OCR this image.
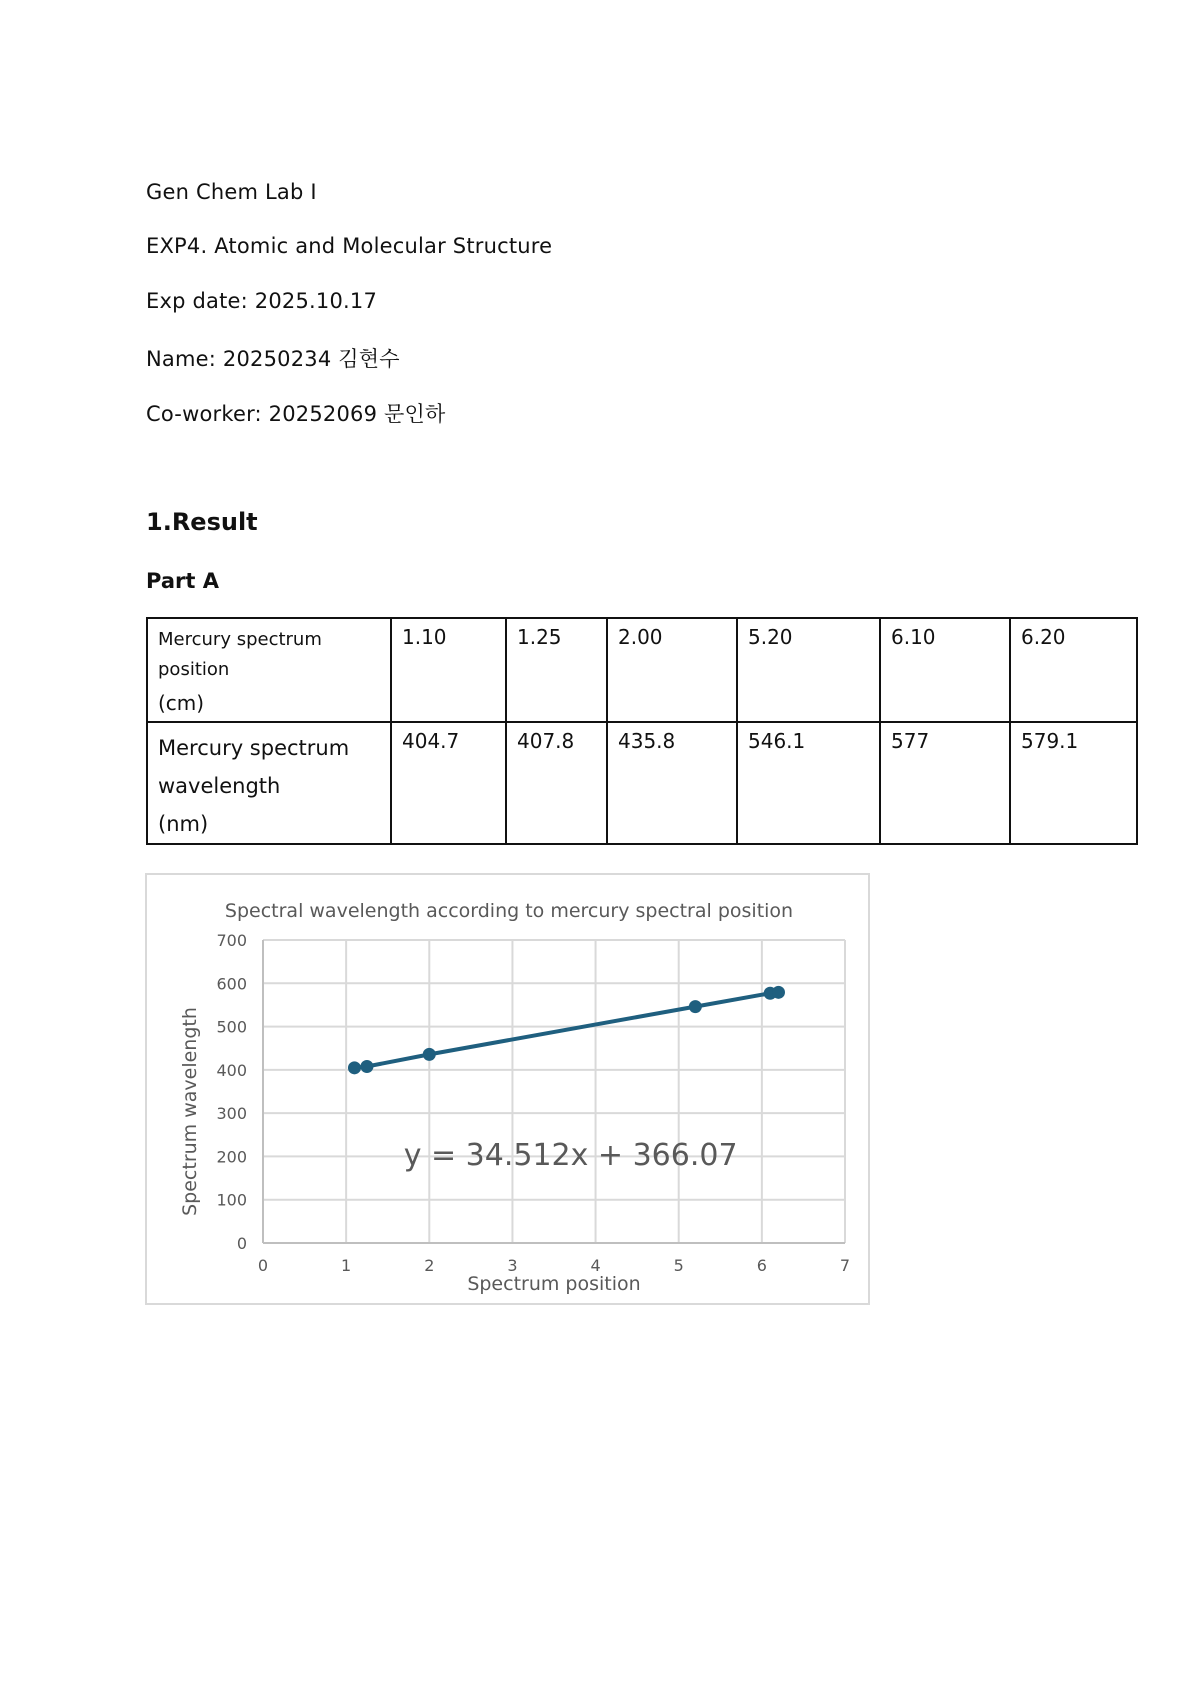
Gen Chem Lab I

EXP4. Atomic and Molecular Structure

Exp date: 2025.10.17

Name: 20250234 김현수

Co-worker: 20252069 문인하

1.Result
Part A
Mercury spectrum
position
(cm)	1.10	1.25	2.00	5.20	6.10	6.20
Mercury spectrum
wavelength
(nm)	404.7	407.8	435.8	546.1	577	579.1
Spectral wavelength according to mercury spectral position
0	1	2	3	4	5	6	7
0
100
200
300
400
500
600
700
y = 34.512x + 366.07
Spectrum position
Spectrum wavelength
